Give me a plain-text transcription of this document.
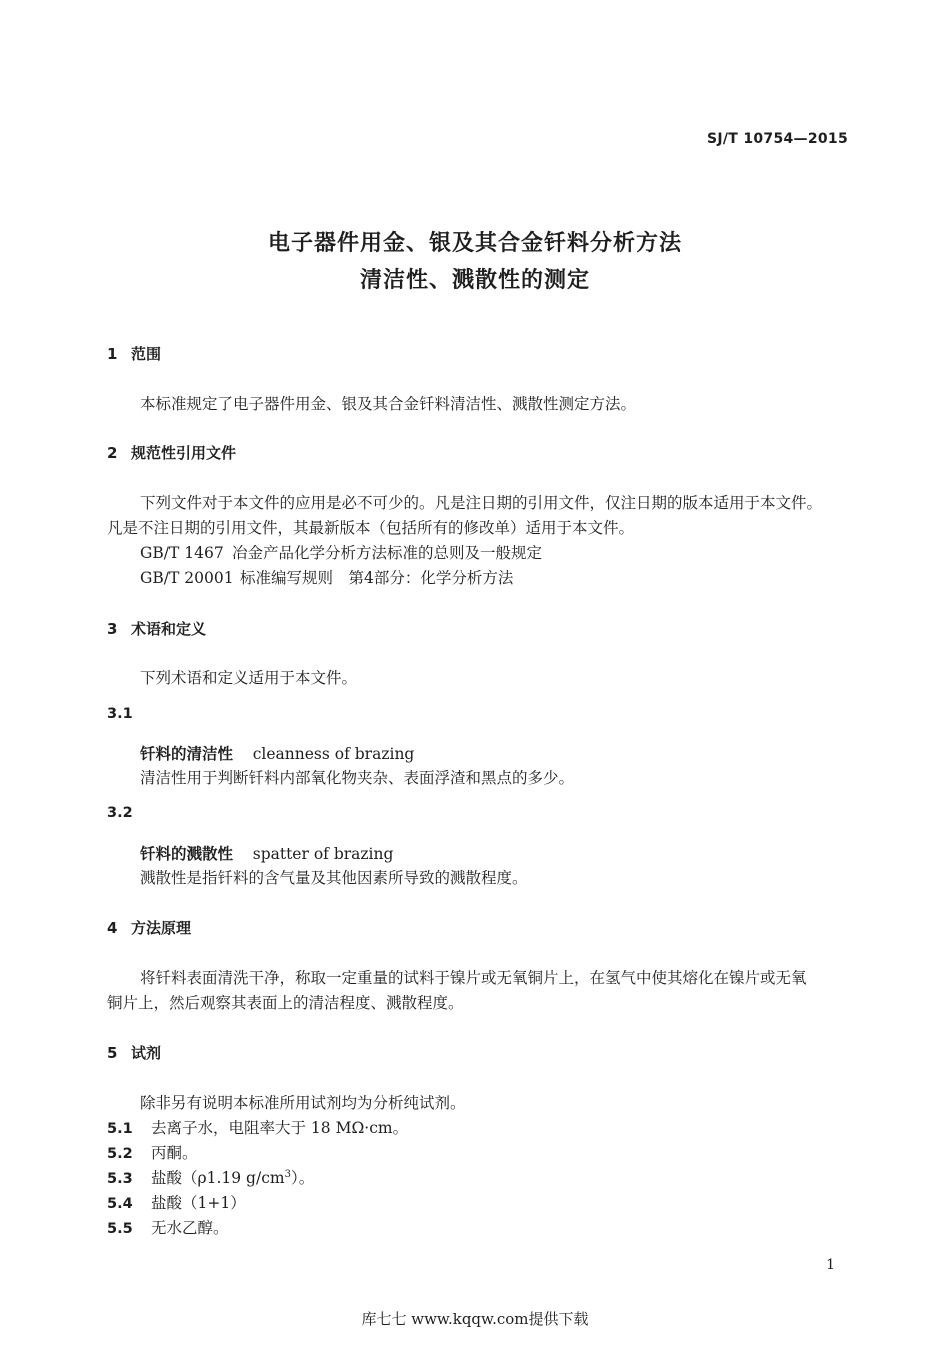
SJ/T 10754—2015
电子器件用金、银及其合金钎料分析方法
清洁性、溅散性的测定
1 范围
本标准规定了电子器件用金、银及其合金钎料清洁性、溅散性测定方法。
2 规范性引用文件
下列文件对于本文件的应用是必不可少的。凡是注日期的引用文件，仅注日期的版本适用于本文件。
凡是不注日期的引用文件，其最新版本（包括所有的修改单）适用于本文件。
GB/T 1467 冶金产品化学分析方法标准的总则及一般规定
GB/T 20001 标准编写规则　第4部分：化学分析方法
3 术语和定义
下列术语和定义适用于本文件。
3.1
钎料的清洁性 cleanness of brazing
清洁性用于判断钎料内部氧化物夹杂、表面浮渣和黑点的多少。
3.2
钎料的溅散性 spatter of brazing
溅散性是指钎料的含气量及其他因素所导致的溅散程度。
4 方法原理
将钎料表面清洗干净，称取一定重量的试料于镍片或无氧铜片上，在氢气中使其熔化在镍片或无氧
铜片上，然后观察其表面上的清洁程度、溅散程度。
5 试剂
除非另有说明本标准所用试剂均为分析纯试剂。
5.1 去离子水，电阻率大于 18 MΩ·cm。
5.2 丙酮。
5.3 盐酸（ρ1.19 $g/cm^3$）。
5.4 盐酸（1+1）
5.5 无水乙醇。
1
库七七 www.kqqw.com提供下载
